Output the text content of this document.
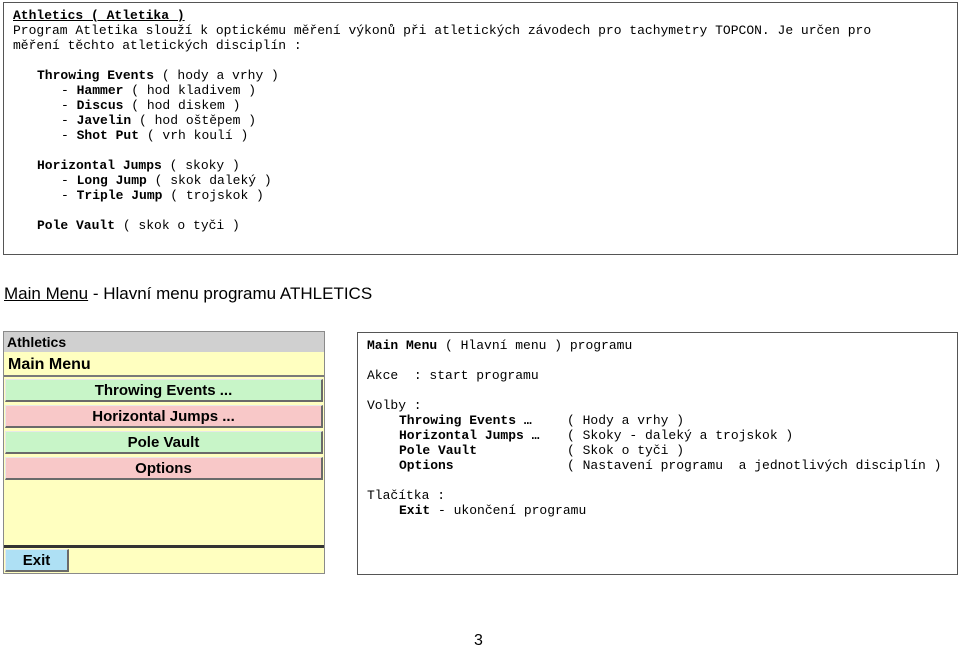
Athletics ( Atletika )
Program Atletika slouží k optickému měření výkonů při atletických závodech pro tachymetry TOPCON. Je určen pro
měření těchto atletických disciplín :
Throwing Events ( hody a vrhy )
- Hammer ( hod kladivem )
- Discus ( hod diskem )
- Javelin ( hod oštěpem )
- Shot Put ( vrh koulí )
Horizontal Jumps ( skoky )
- Long Jump ( skok daleký )
- Triple Jump ( trojskok )
Pole Vault ( skok o tyči )
Main Menu - Hlavní menu programu ATHLETICS
Athletics
Main Menu
Throwing Events ...
Horizontal Jumps ...
Pole Vault
Options
Exit
Main Menu ( Hlavní menu ) programu
Akce  : start programu
Volby :
Throwing Events …	( Hody a vrhy )
Horizontal Jumps … ( Skoky - daleký a trojskok )
Pole Vault	( Skok o tyči )
Options	( Nastavení programu  a jednotlivých disciplín )
Tlačítka :
Exit - ukončení programu
3
